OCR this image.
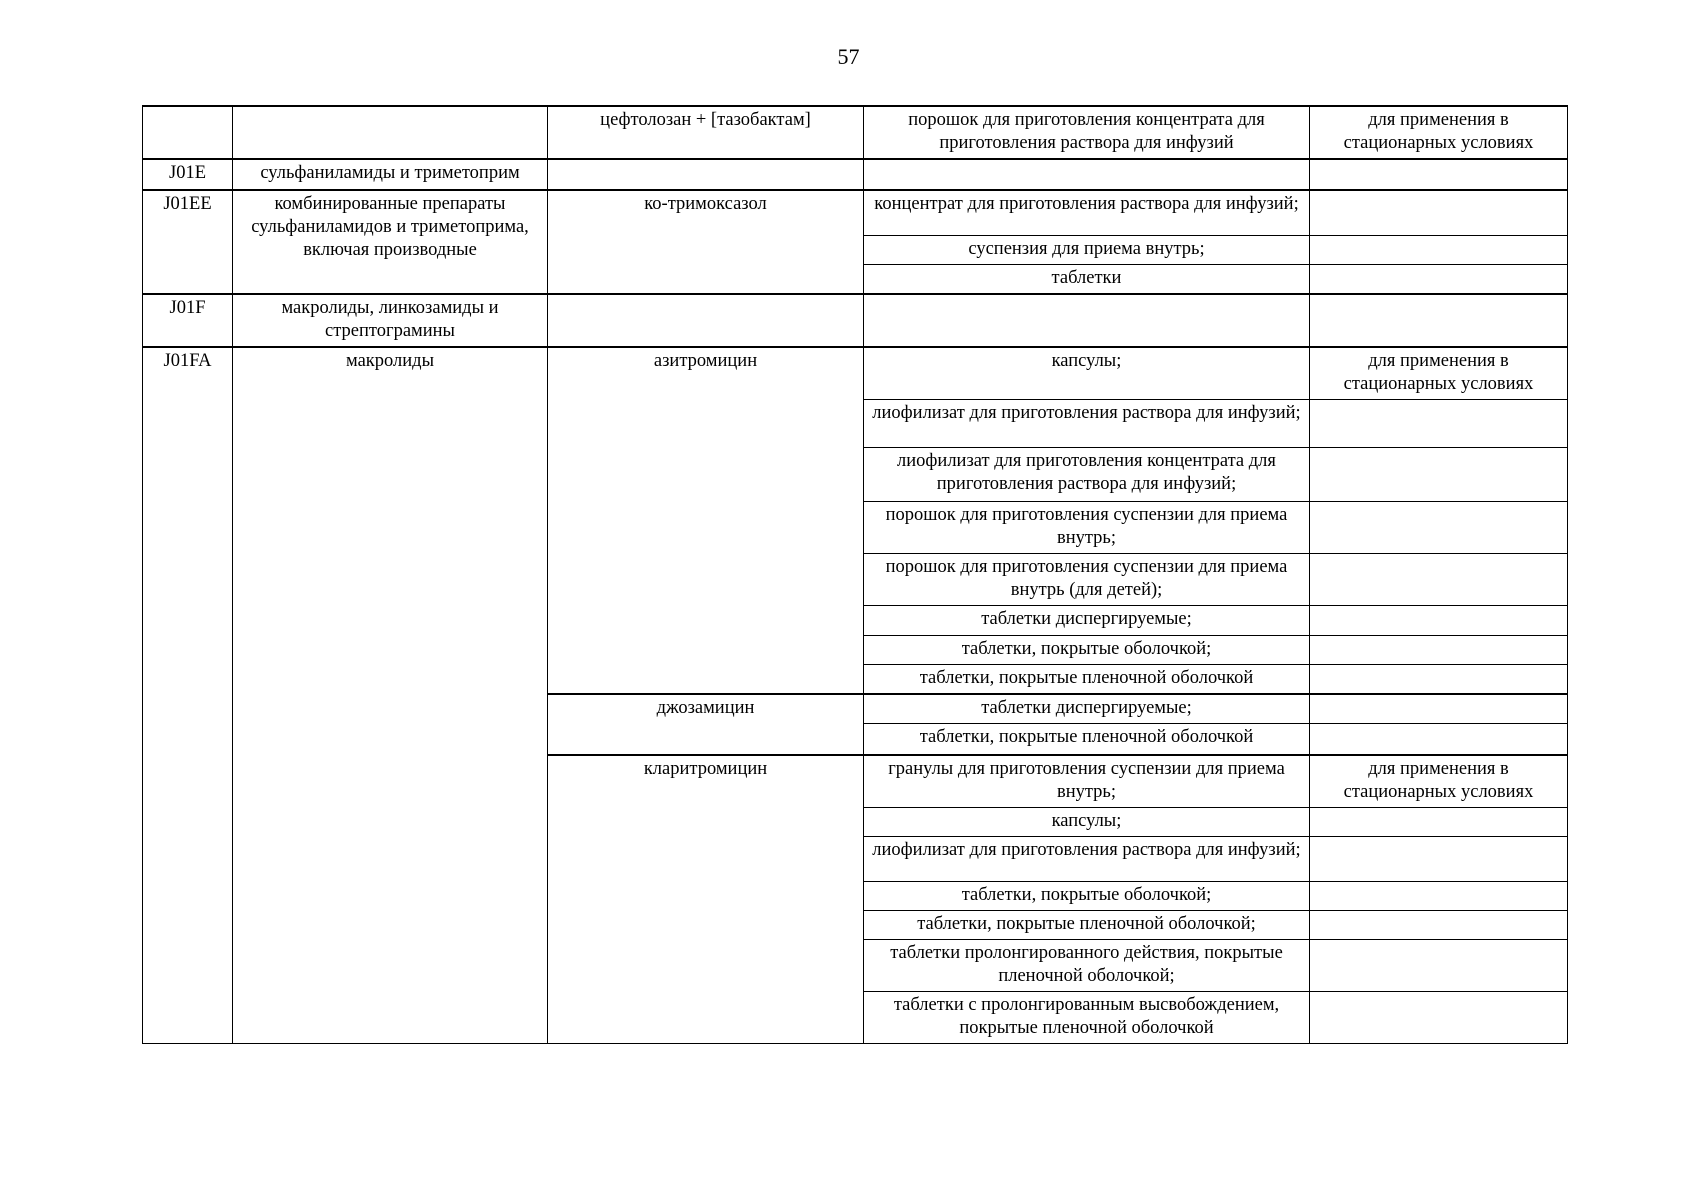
57
		цефтолозан + [тазобактам]	порошок для приготовления концентрата для приготовления раствора для инфузий	для применения в стационарных условиях
J01E	сульфаниламиды и триметоприм			
J01EE	комбинированные препараты сульфаниламидов и триметоприма, включая производные	ко-тримоксазол	концентрат для приготовления раствора для инфузий;	
			суспензия для приема внутрь;	
			таблетки	
J01F	макролиды, линкозамиды и стрептограмины			
J01FA	макролиды	азитромицин	капсулы;	для применения в стационарных условиях
			лиофилизат для приготовления раствора для инфузий;	
			лиофилизат для приготовления концентрата для приготовления раствора для инфузий;	
			порошок для приготовления суспензии для приема внутрь;	
			порошок для приготовления суспензии для приема внутрь (для детей);	
			таблетки диспергируемые;	
			таблетки, покрытые оболочкой;	
			таблетки, покрытые пленочной оболочкой	
		джозамицин	таблетки диспергируемые;	
			таблетки, покрытые пленочной оболочкой	
		кларитромицин	гранулы для приготовления суспензии для приема внутрь;	для применения в стационарных условиях
			капсулы;	
			лиофилизат для приготовления раствора для инфузий;	
			таблетки, покрытые оболочкой;	
			таблетки, покрытые пленочной оболочкой;	
			таблетки пролонгированного действия, покрытые пленочной оболочкой;	
			таблетки с пролонгированным высвобождением, покрытые пленочной оболочкой	
